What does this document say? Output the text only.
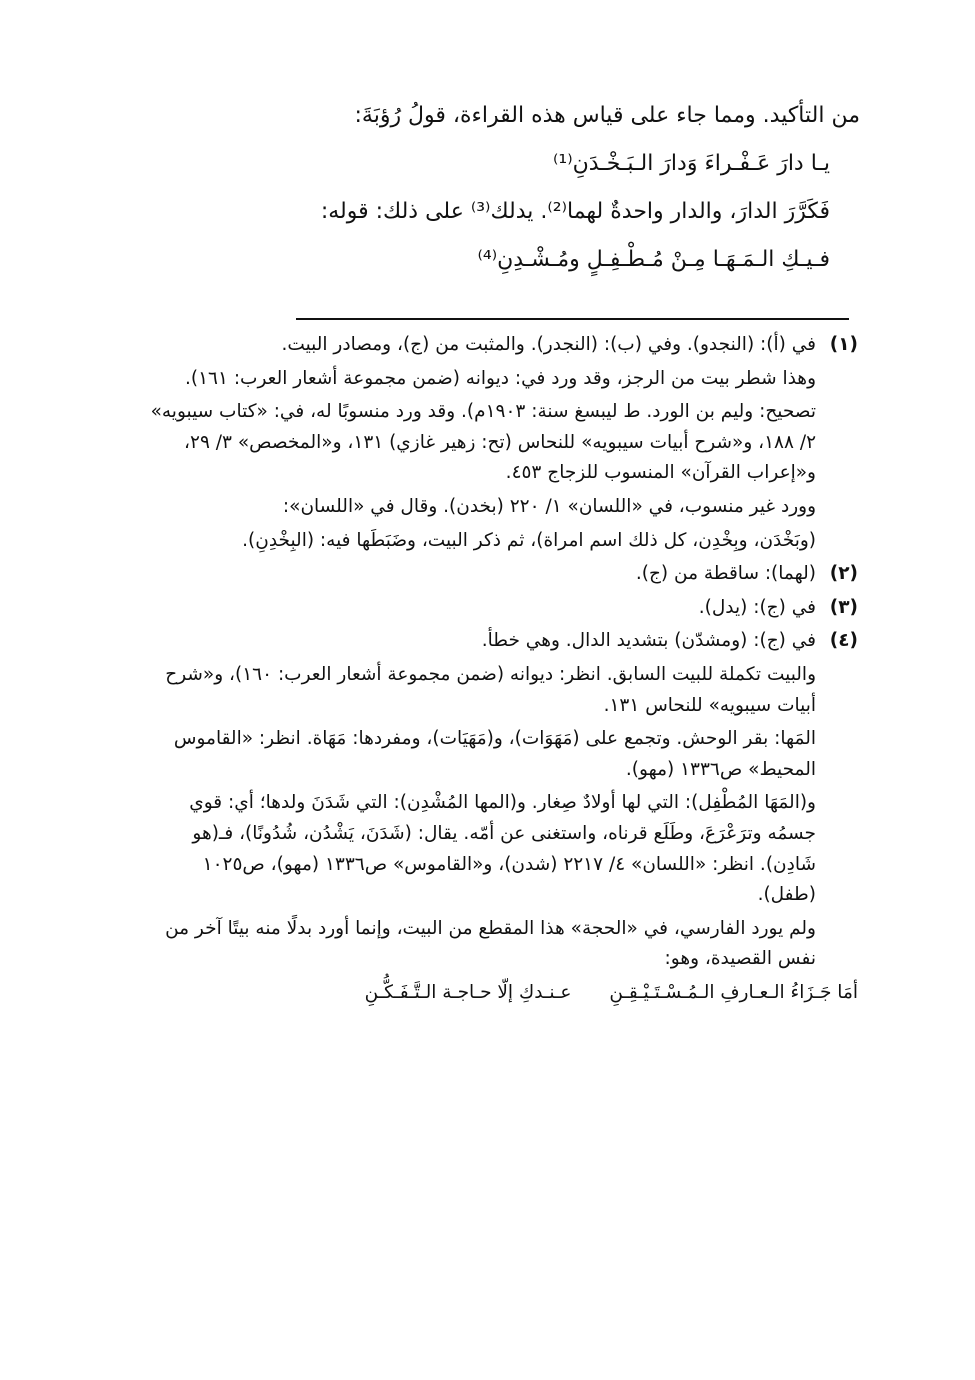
من التأكيد. ومما جاء على قياس هذه القراءة، قولُ رُؤبَةَ:
يـا دارَ عَـفْـراءَ وَدارَ الـبَـخْـدَنِ⁽¹⁾
فَكَرَّرَ الدارَ، والدار واحدةٌ لهما⁽²⁾. يدلك⁽³⁾ على ذلك: قوله:
فـيـكِ الـمَـهَـا مِـنْ مُـطْـفِـلٍ ومُـشْـدِنِ⁽⁴⁾
(١)
في (أ): (النجدو). وفي (ب): (النجدر). والمثبت من (ج)، ومصادر البيت.
وهذا شطر بيت من الرجز، وقد ورد في: ديوانه (ضمن مجموعة أشعار العرب: ١٦١).
تصحيح: وليم بن الورد. ط ليبسغ سنة: ١٩٠٣م). وقد ورد منسوبًا له، في: «كتاب سيبويه» ٢/ ١٨٨، و«شرح أبيات سيبويه» للنحاس (تح: زهير غازي) ١٣١، و«المخصص» ٣/ ٢٩، و«إعراب القرآن» المنسوب للزجاج ٤٥٣.
وورد غير منسوب، في «اللسان» ١/ ٢٢٠ (بخدن). وقال في «اللسان»:
(وبَخْدَن، وبِخْدِن، كل ذلك اسم امراة)، ثم ذكر البيت، وضَبَطَها فيه: (البِخْدِنِ).
(٢)
(لهما): ساقطة من (ج).
(٣)
في (ج): (يدل).
(٤)
في (ج): (ومشدّن) بتشديد الدال. وهي خطأ.
والبيت تكملة للبيت السابق. انظر: ديوانه (ضمن مجموعة أشعار العرب: ١٦٠)، و«شرح أبيات سيبويه» للنحاس ١٣١.
المَها: بقر الوحش. وتجمع على (مَهَوَات)، و(مَهَيَات)، ومفردها: مَهَاة. انظر: «القاموس المحيط» ص١٣٣٦ (مهو).
و(المَهَا المُطْفِل): التي لها أولادٌ صِغار. و(المها المُشْدِن): التي شَدَنَ ولدها؛ أي: قوي جسمُه وترَعْرَعَ، وطَلَع قرناه، واستغنى عن أمّه. يقال: (شَدَنَ، يَشْدُن، شُدُونًا)، فـ(هو شَادِن). انظر: «اللسان» ٤/ ٢٢١٧ (شدن)، و«القاموس» ص١٣٣٦ (مهو)، ص١٠٢٥ (طفل).
ولم يورد الفارسي، في «الحجة» هذا المقطع من البيت، وإنما أورد بدلًا منه بيتًا آخر من نفس القصيدة، وهو:
أمَا جَـزَاءُ الـعـارفِ الـمُـسْـتَـيْـقِـنِعـنـدكِ إلّا حـاجـة الـتَّـفَـكُّـنِ
